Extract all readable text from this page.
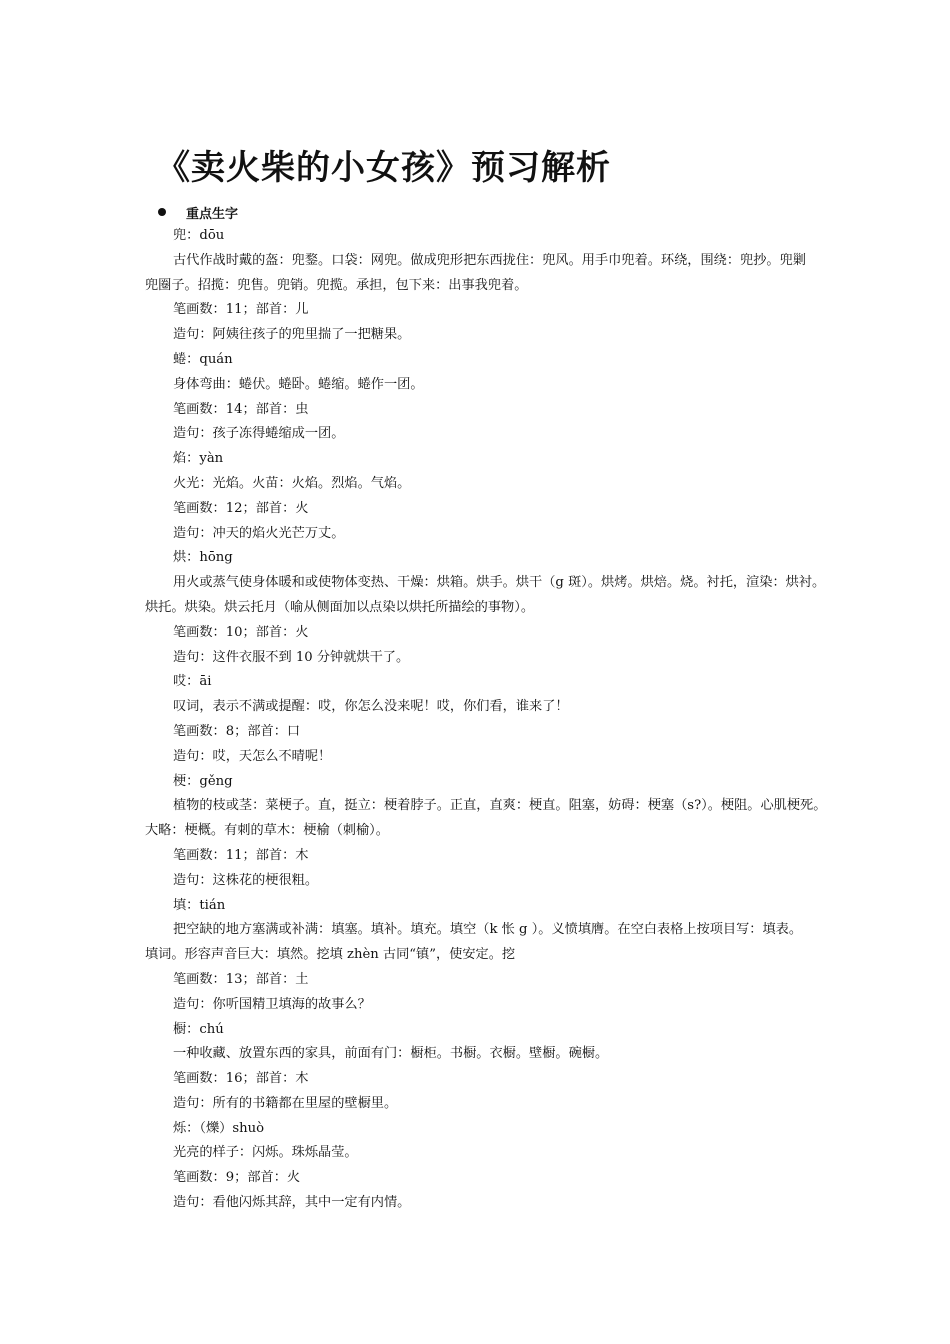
《卖火柴的小女孩》预习解析
重点生字
兜：dōu
古代作战时戴的盔：兜鍪。口袋：网兜。做成兜形把东西拢住：兜风。用手巾兜着。环绕，围绕：兜抄。兜剿
兜圈子。招揽：兜售。兜销。兜揽。承担，包下来：出事我兜着。
笔画数：11；部首：儿
造句：阿姨往孩子的兜里揣了一把糖果。
蜷：quán
身体弯曲：蜷伏。蜷卧。蜷缩。蜷作一团。
笔画数：14；部首：虫
造句：孩子冻得蜷缩成一团。
焰：yàn
火光：光焰。火苗：火焰。烈焰。气焰。
笔画数：12；部首：火
造句：冲天的焰火光芒万丈。
烘：hōng
用火或蒸气使身体暖和或使物体变热、干燥：烘箱。烘手。烘干（g 斑）。烘烤。烘焙。烧。衬托，渲染：烘衬。
烘托。烘染。烘云托月（喻从侧面加以点染以烘托所描绘的事物）。
笔画数：10；部首：火
造句：这件衣服不到 10 分钟就烘干了。
哎：āi
叹词，表示不满或提醒：哎，你怎么没来呢！哎，你们看，谁来了！
笔画数：8；部首：口
造句：哎，天怎么不晴呢！
梗：gěng
植物的枝或茎：菜梗子。直，挺立：梗着脖子。正直，直爽：梗直。阻塞，妨碍：梗塞（s?）。梗阻。心肌梗死。
大略：梗概。有刺的草木：梗榆（刺榆）。
笔画数：11；部首：木
造句：这株花的梗很粗。
填：tián
把空缺的地方塞满或补满：填塞。填补。填充。填空（k 怅 g ）。义愤填膺。在空白表格上按项目写：填表。
填词。形容声音巨大：填然。挖填 zhèn 古同“镇”，使安定。挖
笔画数：13；部首：土
造句：你听国精卫填海的故事么？
橱：chú
一种收藏、放置东西的家具，前面有门：橱柜。书橱。衣橱。壁橱。碗橱。
笔画数：16；部首：木
造句：所有的书籍都在里屋的壁橱里。
烁：（爍）shuò
光亮的样子：闪烁。珠烁晶莹。
笔画数：9；部首：火
造句：看他闪烁其辞，其中一定有内情。
